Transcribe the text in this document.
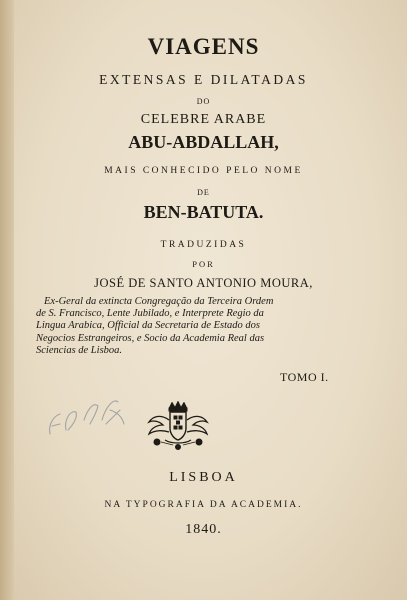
VIAGENS
EXTENSAS E DILATADAS
DO
CELEBRE ARABE
ABU-ABDALLAH,
MAIS CONHECIDO PELO NOME
DE
BEN-BATUTA.
TRADUZIDAS
POR
JOSÉ DE SANTO ANTONIO MOURA,
Ex-Geral da extincta Congregação da Terceira Ordem
de S. Francisco, Lente Jubilado, e Interprete Regio da
Lingua Arabica, Official da Secretaria de Estado dos
Negocios Estrangeiros, e Socio da Academia Real das
Sciencias de Lisboa.
TOMO I.
LISBOA
NA TYPOGRAFIA DA ACADEMIA.
1840.
